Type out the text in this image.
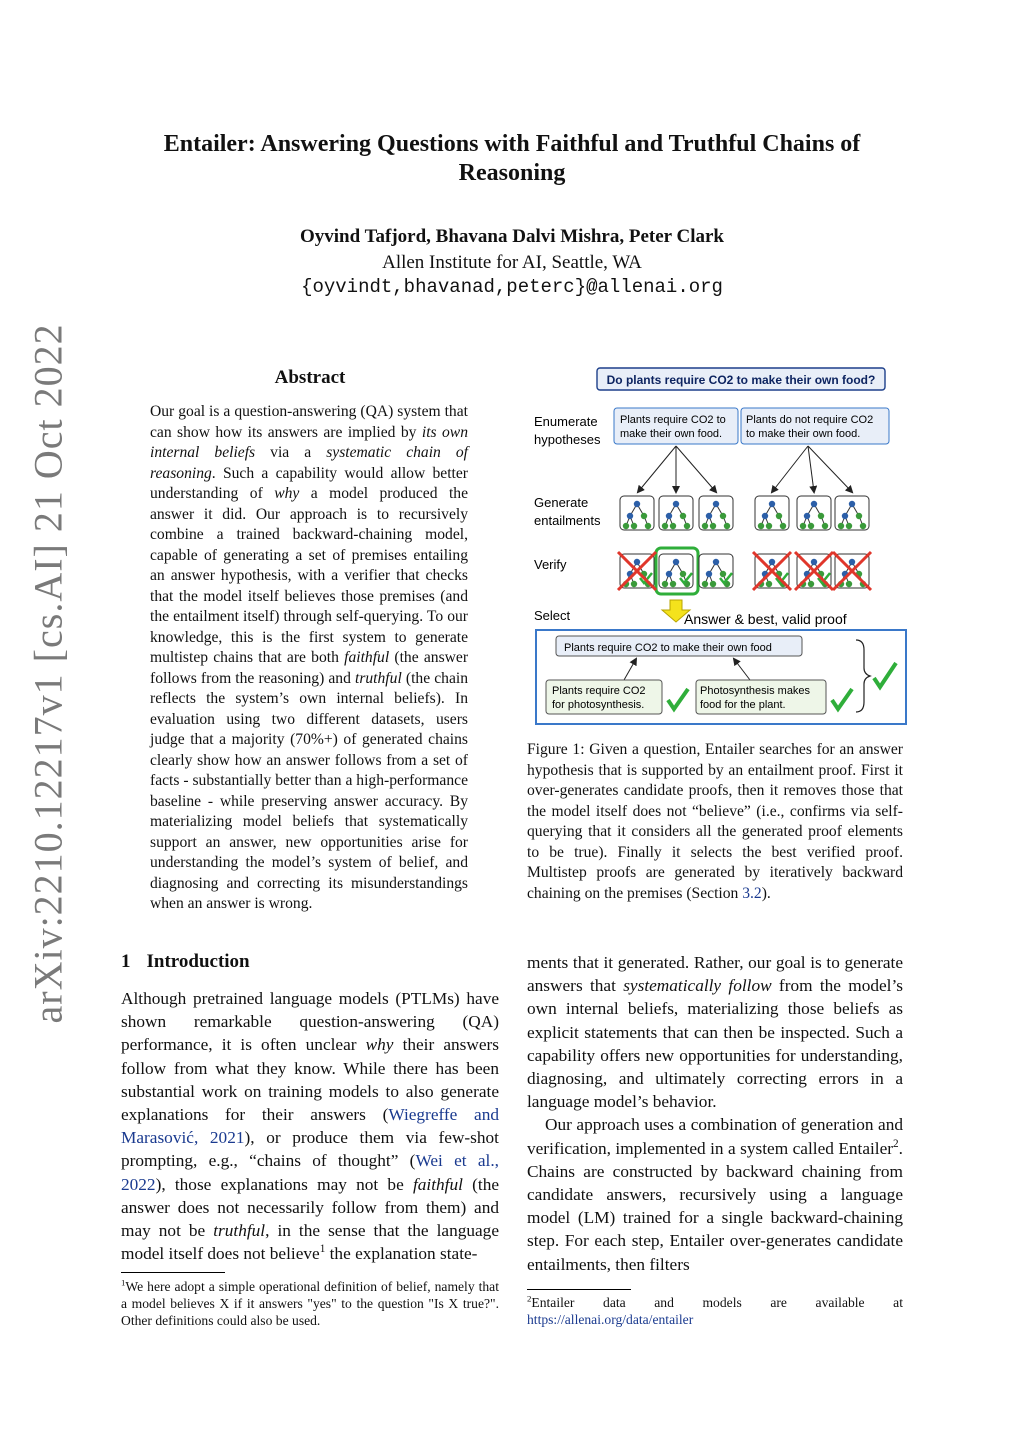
Entailer: Answering Questions with Faithful and Truthful Chains of Reasoning
Oyvind Tafjord, Bhavana Dalvi Mishra, Peter Clark
Allen Institute for AI, Seattle, WA
{oyvindt,bhavanad,peterc}@allenai.org
arXiv:2210.12217v1 [cs.AI] 21 Oct 2022	Abstract
Our goal is a question-answering (QA) system that can show how its answers are implied by its own internal beliefs via a systematic chain of reasoning. Such a capability would allow better understanding of why a model produced the answer it did. Our approach is to recursively combine a trained backward-chaining model, capable of generating a set of premises entailing an answer hypothesis, with a verifier that checks that the model itself believes those premises (and the entailment itself) through self-querying. To our knowledge, this is the first system to generate multistep chains that are both faithful (the answer follows from the reasoning) and truthful (the chain reflects the system’s own internal beliefs). In evaluation using two different datasets, users judge that a majority (70%+) of generated chains clearly show how an answer follows from a set of facts - substantially better than a high-performance baseline - while preserving answer accuracy. By materializing model beliefs that systematically support an answer, new opportunities arise for understanding the model’s system of belief, and diagnosing and correcting its misunderstandings when an answer is wrong.
1 Introduction
Although pretrained language models (PTLMs) have shown remarkable question-answering (QA) performance, it is often unclear why their answers follow from what they know. While there has been substantial work on training models to also generate explanations for their answers (Wiegreffe and Marasović, 2021), or produce them via few-shot prompting, e.g., “chains of thought” (Wei et al., 2022), those explanations may not be faithful (the answer does not necessarily follow from them) and may not be truthful, in the sense that the language model itself does not believe$^1$ the explanation state-
$^1$We here adopt a simple operational definition of belief, namely that a model believes X if it answers "yes" to the question "Is X true?". Other definitions could also be used.
Do plants require CO2 to make their own food?
Enumerate
hypotheses
Plants require CO2 to
make their own food.
Plants do not require CO2
to make their own food.
Generate
entailments
Verify
Select	Answer & best, valid proof
Plants require CO2 to make their own food
Plants require CO2
for photosynthesis.
Photosynthesis makes
food for the plant.
Figure 1: Given a question, Entailer searches for an answer hypothesis that is supported by an entailment proof. First it over-generates candidate proofs, then it removes those that the model itself does not “believe” (i.e., confirms via self-querying that it considers all the generated proof elements to be true). Finally it selects the best verified proof. Multistep proofs are generated by iteratively backward chaining on the premises (Section 3.2).

ments that it generated. Rather, our goal is to generate answers that systematically follow from the model’s own internal beliefs, materializing those beliefs as explicit statements that can then be inspected. Such a capability offers new opportunities for understanding, diagnosing, and ultimately correcting errors in a language model’s behavior.

Our approach uses a combination of generation and verification, implemented in a system called Entailer$^2$. Chains are constructed by backward chaining from candidate answers, recursively using a language model (LM) trained for a single backward-chaining step. For each step, Entailer over-generates candidate entailments, then filters

$^2$Entailer data and models are available at https://allenai.org/data/entailer
